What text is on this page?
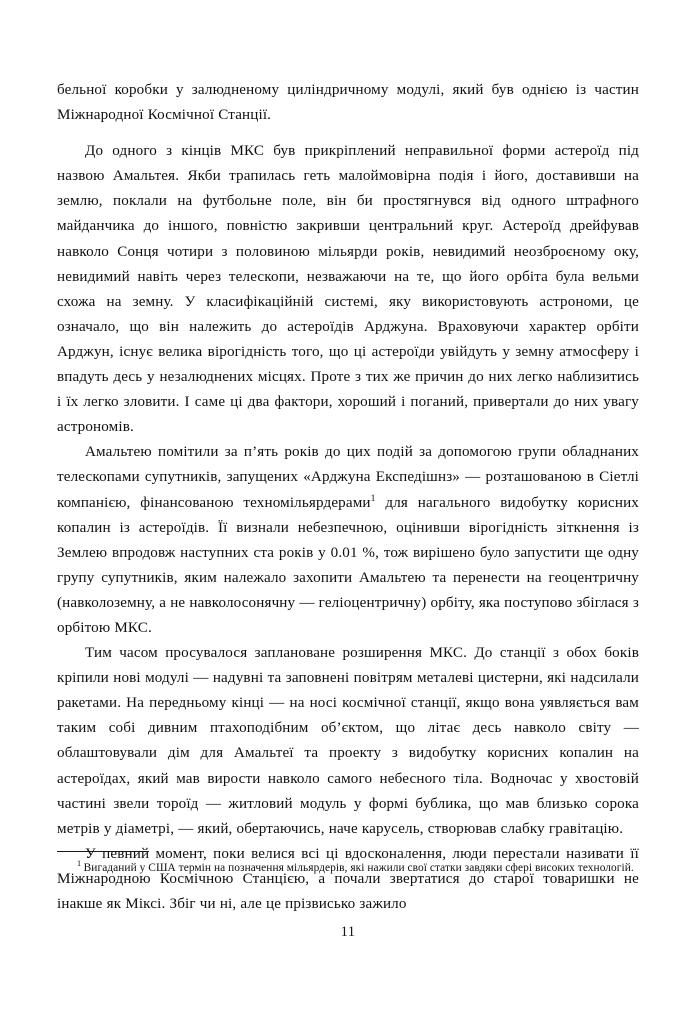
бельної коробки у залюдненому циліндричному модулі, який був однією із частин Міжнародної Космічної Станції.

До одного з кінців МКС був прикріплений неправильної форми астероїд під назвою Амальтея. Якби трапилась геть малоймовірна подія і його, доставивши на землю, поклали на футбольне поле, він би простягнувся від одного штрафного майданчика до іншого, повністю закривши центральний круг. Астероїд дрейфував навколо Сонця чотири з половиною мільярди років, невидимий неозброєному оку, невидимий навіть через телескопи, незважаючи на те, що його орбіта була вельми схожа на земну. У класифікаційній системі, яку використовують астрономи, це означало, що він належить до астероїдів Арджуна. Враховуючи характер орбіти Арджун, існує велика вірогідність того, що ці астероїди увійдуть у земну атмосферу і впадуть десь у незалюднених місцях. Проте з тих же причин до них легко наблизитись і їх легко зловити. І саме ці два фактори, хороший і поганий, привертали до них увагу астрономів.

Амальтею помітили за п’ять років до цих подій за допомогою групи обладнаних телескопами супутників, запущених «Арджуна Експедішнз» — розташованою в Сіетлі компанією, фінансованою техномільярдерами$^1$ для нагального видобутку корисних копалин із астероїдів. Її визнали небезпечною, оцінивши вірогідність зіткнення із Землею впродовж наступних ста років у 0.01 %, тож вирішено було запустити ще одну групу супутників, яким належало захопити Амальтею та перенести на геоцентричну (навколоземну, а не навколосонячну — геліоцентричну) орбіту, яка поступово збіглася з орбітою МКС.

Тим часом просувалося заплановане розширення МКС. До станції з обох боків кріпили нові модулі — надувні та заповнені повітрям металеві цистерни, які надсилали ракетами. На передньому кінці — на носі космічної станції, якщо вона уявляється вам таким собі дивним птахоподібним об’єктом, що літає десь навколо світу — облаштовували дім для Амальтеї та проекту з видобутку корисних копалин на астероїдах, який мав вирости навколо самого небесного тіла. Водночас у хвостовій частині звели тороїд — житловий модуль у формі бублика, що мав близько сорока метрів у діаметрі, — який, обертаючись, наче карусель, створював слабку гравітацію.

У певний момент, поки велися всі ці вдосконалення, люди перестали називати її Міжнародною Космічною Станцією, а почали звертатися до старої товаришки не інакше як Міксі. Збіг чи ні, але це прізвисько зажило

$^1$ Вигаданий у США термін на позначення мільярдерів, які нажили свої статки завдяки сфері високих технологій.

11
